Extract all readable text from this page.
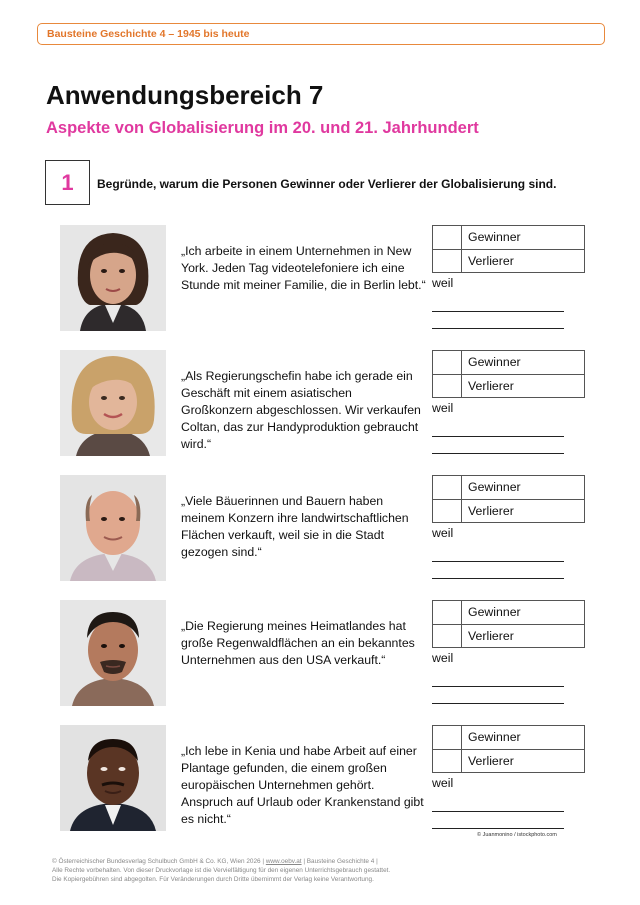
Bausteine Geschichte 4 – 1945 bis heute
Anwendungsbereich 7
Aspekte von Globalisierung im 20. und 21. Jahrhundert
1 Begründe, warum die Personen Gewinner oder Verlierer der Globalisierung sind.
„Ich arbeite in einem Unternehmen in New York. Jeden Tag videotelefoniere ich eine Stunde mit meiner Familie, die in Berlin lebt.“
Gewinner
Verlierer
weil
„Als Regierungschefin habe ich gerade ein Geschäft mit einem asiatischen Großkonzern abgeschlossen. Wir verkaufen Coltan, das zur Handyproduktion gebraucht wird.“
Gewinner
Verlierer
weil
„Viele Bäuerinnen und Bauern haben meinem Konzern ihre landwirtschaftlichen Flächen verkauft, weil sie in die Stadt gezogen sind.“
Gewinner
Verlierer
weil
„Die Regierung meines Heimatlandes hat große Regenwaldflächen an ein bekanntes Unternehmen aus den USA verkauft.“
Gewinner
Verlierer
weil
„Ich lebe in Kenia und habe Arbeit auf einer Plantage gefunden, die einem großen europäischen Unternehmen gehört. Anspruch auf Urlaub oder Krankenstand gibt es nicht.“
Gewinner
Verlierer
weil
© Juanmonino / istockphoto.com
© Österreichischer Bundesverlag Schulbuch GmbH & Co. KG, Wien 2026 | www.oebv.at | Bausteine Geschichte 4 |
Alle Rechte vorbehalten. Von dieser Druckvorlage ist die Vervielfältigung für den eigenen Unterrichtsgebrauch gestattet.
Die Kopiergebühren sind abgegolten. Für Veränderungen durch Dritte übernimmt der Verlag keine Verantwortung.
